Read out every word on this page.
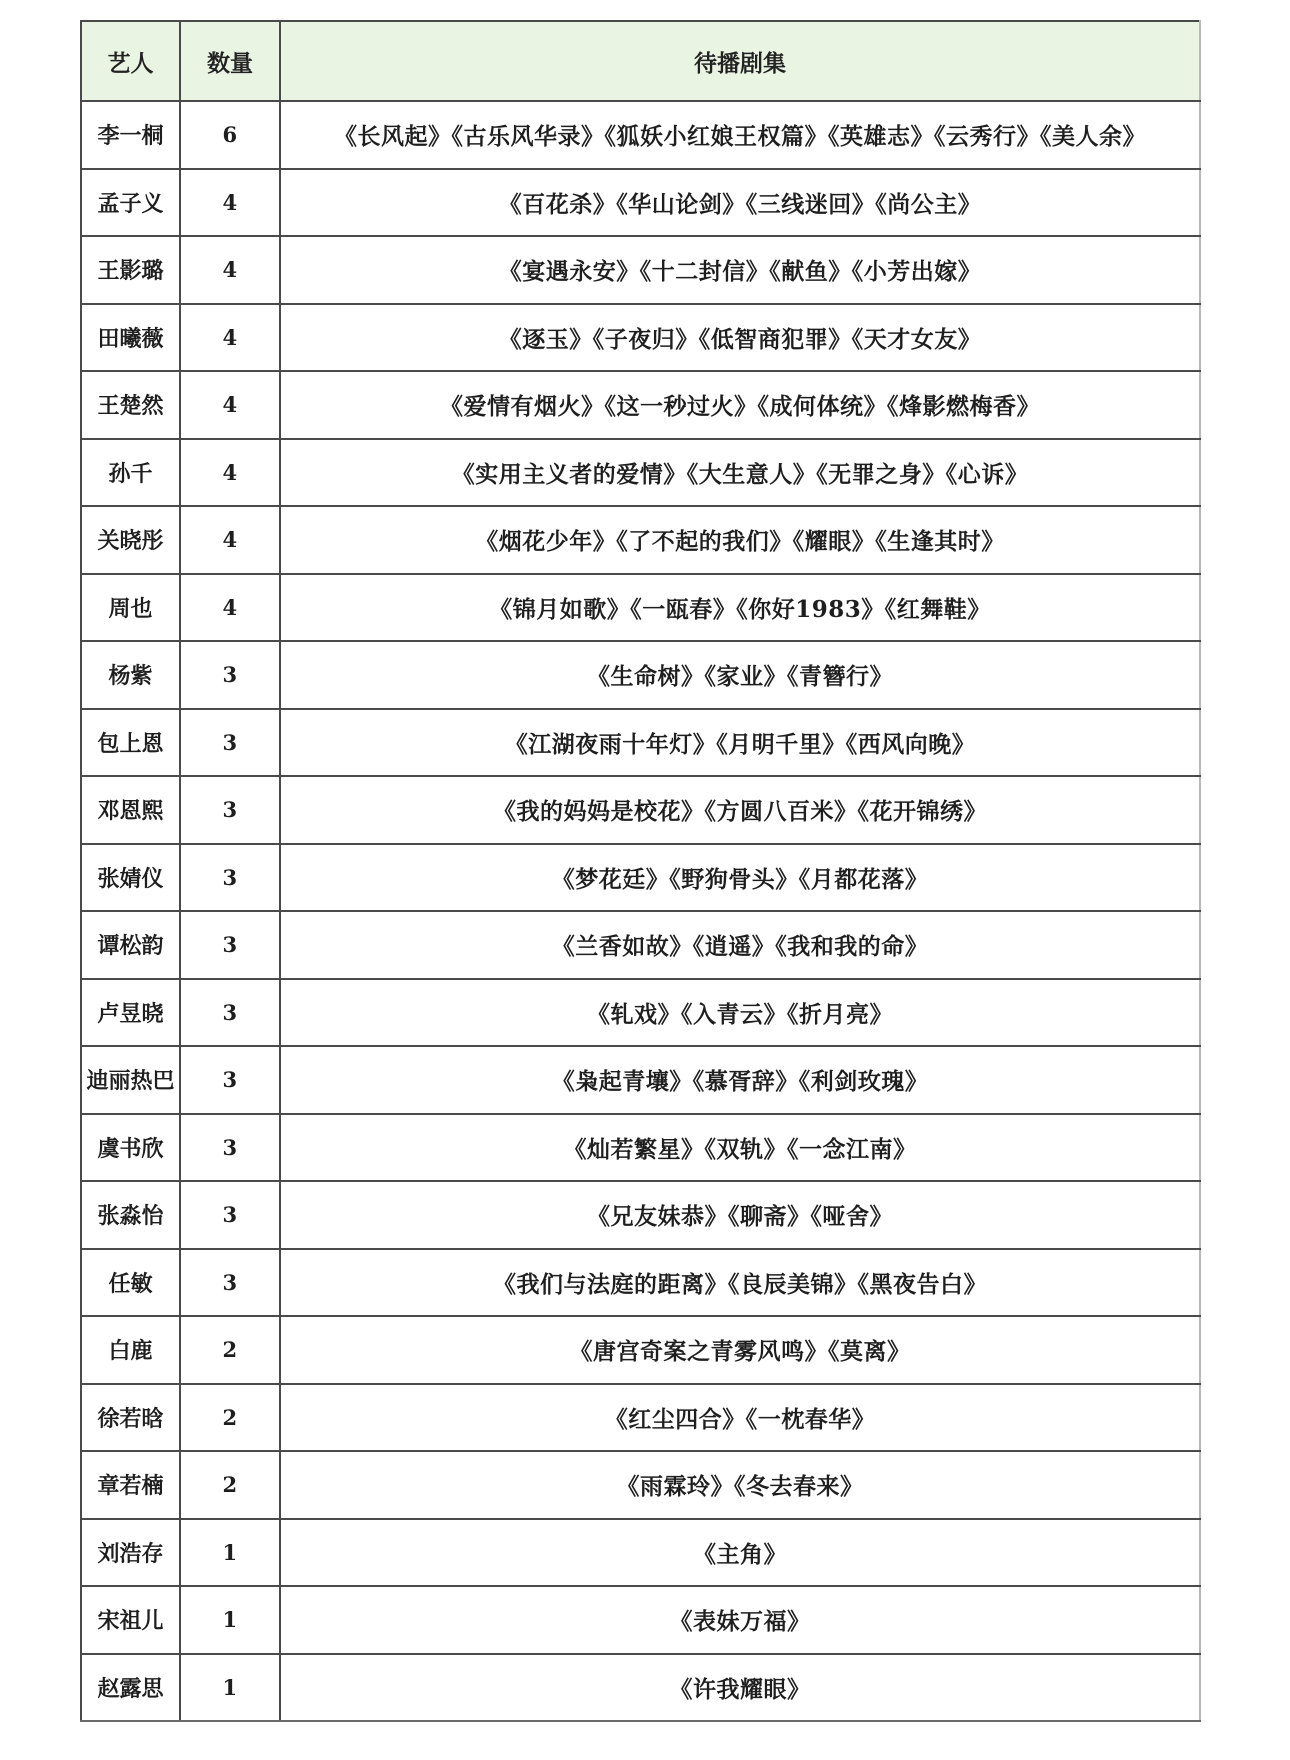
艺人	数量	待播剧集
李一桐	6	《长风起》《古乐风华录》《狐妖小红娘王权篇》《英雄志》《云秀行》《美人余》
孟子义	4	《百花杀》《华山论剑》《三线迷回》《尚公主》
王影璐	4	《宴遇永安》《十二封信》《献鱼》《小芳出嫁》
田曦薇	4	《逐玉》《子夜归》《低智商犯罪》《天才女友》
王楚然	4	《爱情有烟火》《这一秒过火》《成何体统》《烽影燃梅香》
孙千	4	《实用主义者的爱情》《大生意人》《无罪之身》《心诉》
关晓彤	4	《烟花少年》《了不起的我们》《耀眼》《生逢其时》
周也	4	《锦月如歌》《一瓯春》《你好1983》《红舞鞋》
杨紫	3	《生命树》《家业》《青簪行》
包上恩	3	《江湖夜雨十年灯》《月明千里》《西风向晚》
邓恩熙	3	《我的妈妈是校花》《方圆八百米》《花开锦绣》
张婧仪	3	《梦花廷》《野狗骨头》《月都花落》
谭松韵	3	《兰香如故》《逍遥》《我和我的命》
卢昱晓	3	《轧戏》《入青云》《折月亮》
迪丽热巴	3	《枭起青壤》《慕胥辞》《利剑玫瑰》
虞书欣	3	《灿若繁星》《双轨》《一念江南》
张淼怡	3	《兄友妹恭》《聊斋》《哑舍》
任敏	3	《我们与法庭的距离》《良辰美锦》《黑夜告白》
白鹿	2	《唐宫奇案之青雾风鸣》《莫离》
徐若晗	2	《红尘四合》《一枕春华》
章若楠	2	《雨霖玲》《冬去春来》
刘浩存	1	《主角》
宋祖儿	1	《表妹万福》
赵露思	1	《许我耀眼》
